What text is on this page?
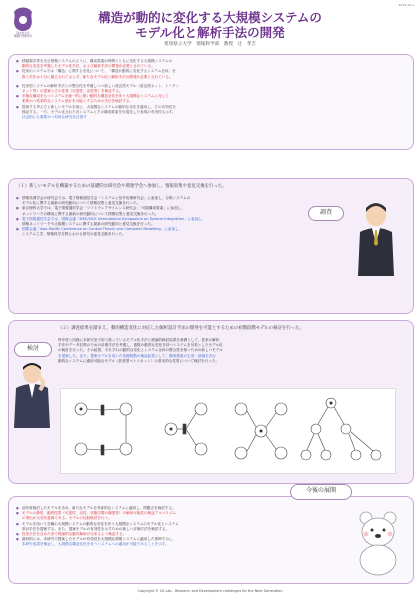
同志社大学
情報科学研究所
2019-12-1
構造が動的に変化する大規模システムの
モデル化と解析手法の開発
愛知県立大学　情報科学部　教授　辻　孝吉
● 移動端末等を含む情報システムのように、構成要素が時間とともに変化する大規模システムの
動的な変化を考慮したモデル化手法、および解析手法の開発が必要とされている。
● 従来のシステムでは「構造」に関する変化について、「構造が動的に変化するシステム全体」を
扱う手法は十分に確立されておらず、新たなモデル化と解析手法の開発が必要とされている。
● 従来型システムの解析手法との整合性を考慮しつつ新しい改良型モデル（改良型ネット、トークン
ネット等）の提案とその性質（可達性、活性等）を検証する。
● 多様な構成をもつシステムを統一的に扱い動的な構造変化を伴う大規模なシステムに対して
柔軟かつ効率的なシステム設計を可能とするための手法を検討する。
● 提案する考え方と新しいモデルを基に、大規模なシステムの動的な変化を適用し、その有効性を
検証する。一方、モデル化された各システムとその構成要素を可視化した表現の有用性も示す。
社会的にも重要かつ有用な研究を目指す
（１）新しいモデルを構築するための基礎的な研究会や関連学会へ参加し、情報収集や意見交換を行った。
● 情報処理学会の研究会では、電子情報通信学会「システムと信号処理研究会」に参加し、分散システムの
モデル化に関する最新の研究動向について情報収集と意見交換を行った。
● 東京理科大学では、電子情報通信学会「ソフトウェアサイエンス研究会」「可能構成要素」に参加し、
ネットワークの構成に関する最新の研究動向について情報収集と意見交換を行った。
● 電子情報通信学会では、国際会議「IEEE/SICE International Symposium on System Integration」に参加し、
情報ネットワークや大規模システムに関する最新の研究動向と意見交換を行った。
● 国際会議「Asia-Pacific Conference on Control Theory and Computer Modelling」に参加し、
システム工学、情報科学分野における研究の意見交換を行った。
調査
（２）調査結果を踏まえ、動的構造変化に対応した解析設計手法の開発を可能とするための初期段階モデルの検討を行った。
昨年度と同様に本研究室で取り扱っているモデル化手法と理論的検討結果を基礎として、従来の解析
手法やデータ収集のための計測手法を考慮し、複数の動的な変化を持つシステムを対象としたモデル化
の検討を行った。その結果、それぞれの動的な変化とシステム全体の整合性を保つための新しいモデル
を提案した。また、提案モデルを用いた初期段階の検証結果として、構成要素の生成・消滅を含む
動的なシステムに適用可能なモデル（拡張型ペトリネット）の基本的な性質について検討を行った。
検討
今後の展開
● 前年度検討したモデルを含め、新たなモデルを具体的なシステムに適用し、問題点を検討する。
● モデルの静的、動的性質（可達性、活性、状態空間の爆発等）の解析可能性の検証アルゴリズム
の導出が大変有意義である。モデルの比較検討を行う。
● モデルを用いて各種の大規模システムの動的な変化を伴う大規模なシステムのモデル化とシステム
設計手法を提案する。また、提案モデルの有効性を示すための新しい評価方法を検討する。
● 従来手法を含めた形で理論的な動作解析が出来るよう検証する。
● 最終的には、本研究で提案したモデルの有効性を大規模な情報システムに適用した事例で示し、
本研究成果を検証し、大規模な構造変化を伴うシステムへの適用が可能であることを示す。
Copyright © 2G Lab - Research and Development challenges for the Next Generation
